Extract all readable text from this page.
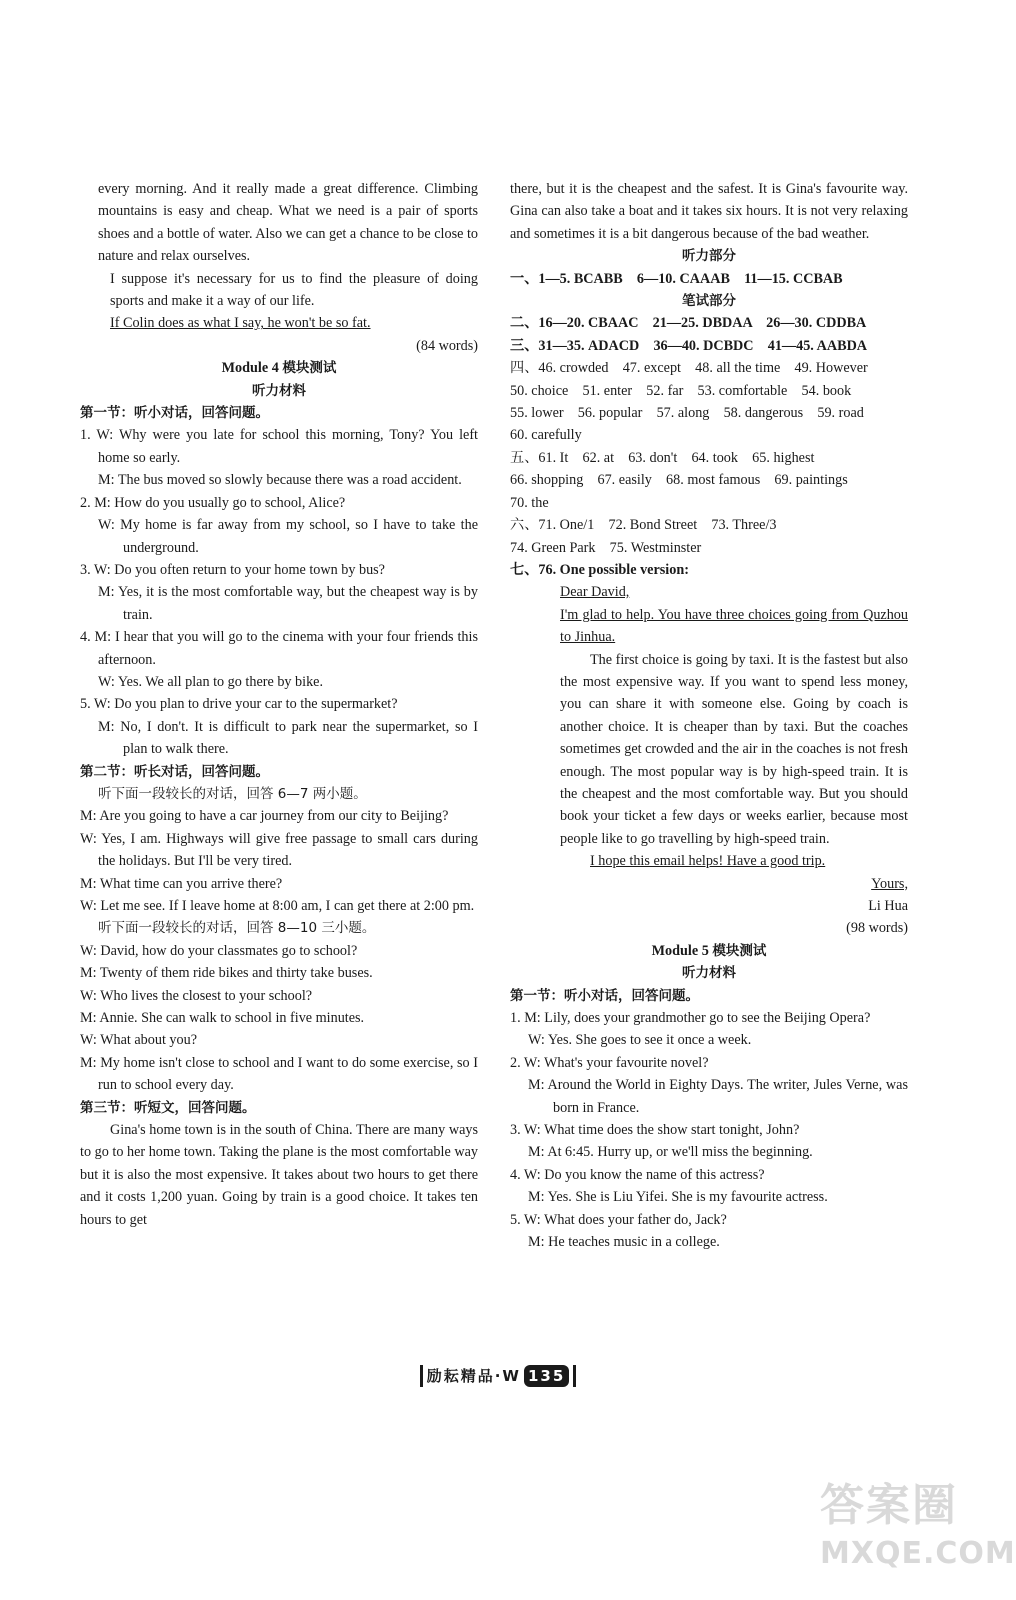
every morning. And it really made a great difference. Climbing mountains is easy and cheap. What we need is a pair of sports shoes and a bottle of water. Also we can get a chance to be close to nature and relax ourselves.
I suppose it's necessary for us to find the pleasure of doing sports and make it a way of our life.
If Colin does as what I say, he won't be so fat.
(84 words)
Module 4 模块测试
听力材料
第一节：听小对话，回答问题。
1. W: Why were you late for school this morning, Tony? You left home so early.
M: The bus moved so slowly because there was a road accident.
2. M: How do you usually go to school, Alice?
W: My home is far away from my school, so I have to take the underground.
3. W: Do you often return to your home town by bus?
M: Yes, it is the most comfortable way, but the cheapest way is by train.
4. M: I hear that you will go to the cinema with your four friends this afternoon.
W: Yes. We all plan to go there by bike.
5. W: Do you plan to drive your car to the supermarket?
M: No, I don't. It is difficult to park near the supermarket, so I plan to walk there.
第二节：听长对话，回答问题。
听下面一段较长的对话，回答 6—7 两小题。
M: Are you going to have a car journey from our city to Beijing?
W: Yes, I am. Highways will give free passage to small cars during the holidays. But I'll be very tired.
M: What time can you arrive there?
W: Let me see. If I leave home at 8:00 am, I can get there at 2:00 pm.
听下面一段较长的对话，回答 8—10 三小题。
W: David, how do your classmates go to school?
M: Twenty of them ride bikes and thirty take buses.
W: Who lives the closest to your school?
M: Annie. She can walk to school in five minutes.
W: What about you?
M: My home isn't close to school and I want to do some exercise, so I run to school every day.
第三节：听短文，回答问题。
Gina's home town is in the south of China. There are many ways to go to her home town. Taking the plane is the most comfortable way but it is also the most expensive. It takes about two hours to get there and it costs 1,200 yuan. Going by train is a good choice. It takes ten hours to get
there, but it is the cheapest and the safest. It is Gina's favourite way. Gina can also take a boat and it takes six hours. It is not very relaxing and sometimes it is a bit dangerous because of the bad weather.
听力部分
一、1—5. BCABB　6—10. CAAAB　11—15. CCBAB
笔试部分
二、16—20. CBAAC　21—25. DBDAA　26—30. CDDBA
三、31—35. ADACD　36—40. DCBDC　41—45. AABDA
四、46. crowded　47. except　48. all the time　49. However
50. choice　51. enter　52. far　53. comfortable　54. book
55. lower　56. popular　57. along　58. dangerous　59. road
60. carefully
五、61. It　62. at　63. don't　64. took　65. highest
66. shopping　67. easily　68. most famous　69. paintings
70. the
六、71. One/1　72. Bond Street　73. Three/3
74. Green Park　75. Westminster
七、76. One possible version:
Dear David,
I'm glad to help. You have three choices going from Quzhou to Jinhua.
The first choice is going by taxi. It is the fastest but also the most expensive way. If you want to spend less money, you can share it with someone else. Going by coach is another choice. It is cheaper than by taxi. But the coaches sometimes get crowded and the air in the coaches is not fresh enough. The most popular way is by high-speed train. It is the cheapest and the most comfortable way. But you should book your ticket a few days or weeks earlier, because most people like to go travelling by high-speed train.
I hope this email helps! Have a good trip.
Yours,
Li Hua
(98 words)
Module 5 模块测试
听力材料
第一节：听小对话，回答问题。
1. M: Lily, does your grandmother go to see the Beijing Opera?
W: Yes. She goes to see it once a week.
2. W: What's your favourite novel?
M: Around the World in Eighty Days. The writer, Jules Verne, was born in France.
3. W: What time does the show start tonight, John?
M: At 6:45. Hurry up, or we'll miss the beginning.
4. W: Do you know the name of this actress?
M: Yes. She is Liu Yifei. She is my favourite actress.
5. W: What does your father do, Jack?
M: He teaches music in a college.
励耘精品 ·W 135
答案圈
MXQE.COM
